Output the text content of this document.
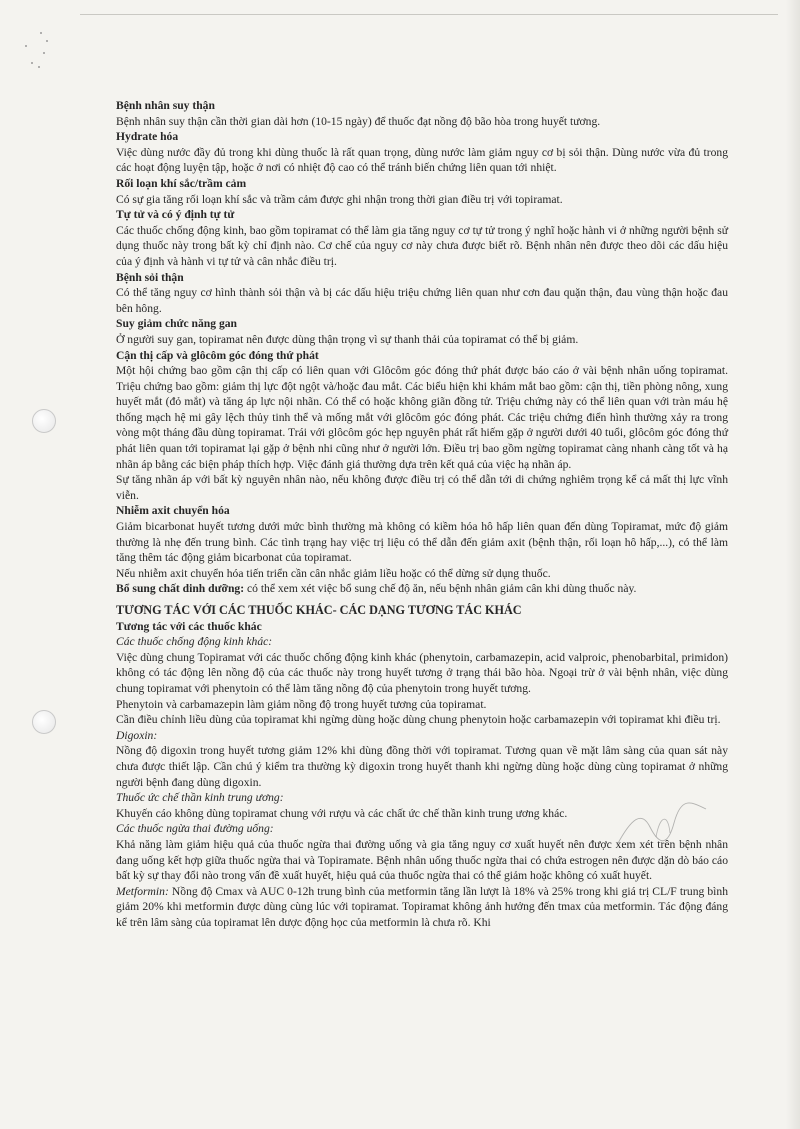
Bệnh nhân suy thận

Bệnh nhân suy thận cần thời gian dài hơn (10-15 ngày) để thuốc đạt nồng độ bão hòa trong huyết tương.

Hydrate hóa

Việc dùng nước đầy đủ trong khi dùng thuốc là rất quan trọng, dùng nước làm giảm nguy cơ bị sỏi thận. Dùng nước vừa đủ trong các hoạt động luyện tập, hoặc ở nơi có nhiệt độ cao có thể tránh biến chứng liên quan tới nhiệt.

Rối loạn khí sắc/trầm cảm

Có sự gia tăng rối loạn khí sắc và trầm cảm được ghi nhận trong thời gian điều trị với topiramat.

Tự tử và có ý định tự tử

Các thuốc chống động kinh, bao gồm topiramat có thể làm gia tăng nguy cơ tự tử trong ý nghĩ hoặc hành vi ở những người bệnh sử dụng thuốc này trong bất kỳ chỉ định nào. Cơ chế của nguy cơ này chưa được biết rõ. Bệnh nhân nên được theo dõi các dấu hiệu của ý định và hành vi tự tử và cân nhắc điều trị.

Bệnh sỏi thận

Có thể tăng nguy cơ hình thành sỏi thận và bị các dấu hiệu triệu chứng liên quan như cơn đau quặn thận, đau vùng thận hoặc đau bên hông.

Suy giảm chức năng gan

Ở người suy gan, topiramat nên được dùng thận trọng vì sự thanh thải của topiramat có thể bị giảm.

Cận thị cấp và glôcôm góc đóng thứ phát

Một hội chứng bao gồm cận thị cấp có liên quan với Glôcôm góc đóng thứ phát được báo cáo ở vài bệnh nhân uống topiramat. Triệu chứng bao gồm: giảm thị lực đột ngột và/hoặc đau mắt. Các biểu hiện khi khám mắt bao gồm: cận thị, tiền phòng nông, xung huyết mắt (đỏ mắt) và tăng áp lực nội nhãn. Có thể có hoặc không giãn đồng tử. Triệu chứng này có thể liên quan với tràn máu hệ thống mạch hệ mi gây lệch thủy tinh thể và mống mắt với glôcôm góc đóng phát. Các triệu chứng điển hình thường xảy ra trong vòng một tháng đầu dùng topiramat. Trái với glôcôm góc hẹp nguyên phát rất hiếm gặp ở người dưới 40 tuổi, glôcôm góc đóng thứ phát liên quan tới topiramat lại gặp ở bệnh nhi cũng như ở người lớn. Điều trị bao gồm ngừng topiramat càng nhanh càng tốt và hạ nhãn áp bằng các biện pháp thích hợp. Việc đánh giá thường dựa trên kết quả của việc hạ nhãn áp.

Sự tăng nhãn áp với bất kỳ nguyên nhân nào, nếu không được điều trị có thể dẫn tới di chứng nghiêm trọng kể cả mất thị lực vĩnh viễn.

Nhiễm axit chuyển hóa

Giảm bicarbonat huyết tương dưới mức bình thường mà không có kiềm hóa hô hấp liên quan đến dùng Topiramat, mức độ giảm thường là nhẹ đến trung bình. Các tình trạng hay việc trị liệu có thể dẫn đến giảm axit (bệnh thận, rối loạn hô hấp,...), có thể làm tăng thêm tác động giảm bicarbonat của topiramat.

Nếu nhiễm axit chuyển hóa tiến triển cần cân nhắc giảm liều hoặc có thể dừng sử dụng thuốc.

Bổ sung chất dinh dưỡng: có thể xem xét việc bổ sung chế độ ăn, nếu bệnh nhân giảm cân khi dùng thuốc này.

TƯƠNG TÁC VỚI CÁC THUỐC KHÁC- CÁC DẠNG TƯƠNG TÁC KHÁC

Tương tác với các thuốc khác

Các thuốc chống động kinh khác:

Việc dùng chung Topiramat với các thuốc chống động kinh khác (phenytoin, carbamazepin, acid valproic, phenobarbital, primidon) không có tác động lên nồng độ của các thuốc này trong huyết tương ở trạng thái bão hòa. Ngoại trừ ở vài bệnh nhân, việc dùng chung topiramat với phenytoin có thể làm tăng nồng độ của phenytoin trong huyết tương.

Phenytoin và carbamazepin làm giảm nồng độ trong huyết tương của topiramat.

Cần điều chỉnh liều dùng của topiramat khi ngừng dùng hoặc dùng chung phenytoin hoặc carbamazepin với topiramat khi điều trị.

Digoxin:

Nồng độ digoxin trong huyết tương giảm 12% khi dùng đồng thời với topiramat. Tương quan về mặt lâm sàng của quan sát này chưa được thiết lập. Cần chú ý kiểm tra thường kỳ digoxin trong huyết thanh khi ngừng dùng hoặc dùng cùng topiramat ở những người bệnh đang dùng digoxin.

Thuốc ức chế thần kinh trung ương:

Khuyến cáo không dùng topiramat chung với rượu và các chất ức chế thần kinh trung ương khác.

Các thuốc ngừa thai đường uống:

Khả năng làm giảm hiệu quả của thuốc ngừa thai đường uống và gia tăng nguy cơ xuất huyết nên được xem xét trên bệnh nhân đang uống kết hợp giữa thuốc ngừa thai và Topiramate. Bệnh nhân uống thuốc ngừa thai có chứa estrogen nên được dặn dò báo cáo bất kỳ sự thay đổi nào trong vấn đề xuất huyết, hiệu quả của thuốc ngừa thai có thể giảm hoặc không có xuất huyết.

Metformin: Nồng độ Cmax và AUC 0-12h trung bình của metformin tăng lần lượt là 18% và 25% trong khi giá trị CL/F trung bình giảm 20% khi metformin được dùng cùng lúc với topiramat. Topiramat không ảnh hưởng đến tmax của metformin. Tác động đáng kể trên lâm sàng của topiramat lên dược động học của metformin là chưa rõ. Khi
